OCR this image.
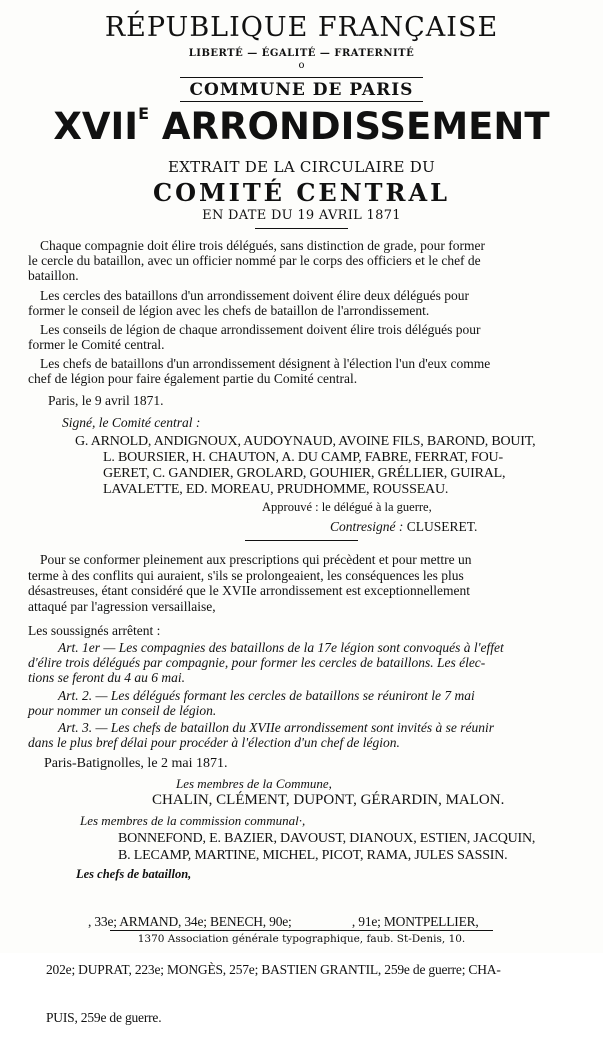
RÉPUBLIQUE FRANÇAISE
LIBERTÉ — ÉGALITÉ — FRATERNITÉ
o
COMMUNE DE PARIS
$XVII^E$ ARRONDISSEMENT
EXTRAIT DE LA CIRCULAIRE DU
COMITÉ CENTRAL
EN DATE DU 19 AVRIL 1871
Chaque compagnie doit élire trois délégués, sans distinction de grade, pour former
le cercle du bataillon, avec un officier nommé par le corps des officiers et le chef de
bataillon.
Les cercles des bataillons d'un arrondissement doivent élire deux délégués pour
former le conseil de légion avec les chefs de bataillon de l'arrondissement.
Les conseils de légion de chaque arrondissement doivent élire trois délégués pour
former le Comité central.
Les chefs de bataillons d'un arrondissement désignent à l'élection l'un d'eux comme
chef de légion pour faire également partie du Comité central.
Paris, le 9 avril 1871.
Signé, le Comité central :
G. ARNOLD, ANDIGNOUX, AUDOYNAUD, AVOINE FILS, BAROND, BOUIT,
L. BOURSIER, H. CHAUTON, A. DU CAMP, FABRE, FERRAT, FOU-
GERET, C. GANDIER, GROLARD, GOUHIER, GRÉLLIER, GUIRAL,
LAVALETTE, ED. MOREAU, PRUDHOMME, ROUSSEAU.
Approuvé : le délégué à la guerre,
Contresigné : CLUSERET.
Pour se conformer pleinement aux prescriptions qui précèdent et pour mettre un
terme à des conflits qui auraient, s'ils se prolongeaient, les conséquences les plus
désastreuses, étant considéré que le XVIIe arrondissement est exceptionnellement
attaqué par l'agression versaillaise,
Les soussignés arrêtent :
Art. 1er — Les compagnies des bataillons de la 17e légion sont convoqués à l'effet
d'élire trois délégués par compagnie, pour former les cercles de bataillons. Les élec-
tions se feront du 4 au 6 mai.
Art. 2. — Les délégués formant les cercles de bataillons se réuniront le 7 mai
pour nommer un conseil de légion.
Art. 3. — Les chefs de bataillon du XVIIe arrondissement sont invités à se réunir
dans le plus bref délai pour procéder à l'élection d'un chef de légion.
Paris-Batignolles, le 2 mai 1871.
Les membres de la Commune,
CHALIN, CLÉMENT, DUPONT, GÉRARDIN, MALON.
Les membres de la commission communal·,
BONNEFOND, E. BAZIER, DAVOUST, DIANOUX, ESTIEN, JACQUIN,
B. LECAMP, MARTINE, MICHEL, PICOT, RAMA, JULES SASSIN.
Les chefs de bataillon,

, 33e; ARMAND, 34e; BENECH, 90e;                   , 91e; MONTPELLIER,

202e; DUPRAT, 223e; MONGÈS, 257e; BASTIEN GRANTIL, 259e de guerre; CHA-

PUIS, 259e de guerre.

1370 Association générale typographique, faub. St-Denis, 10.
